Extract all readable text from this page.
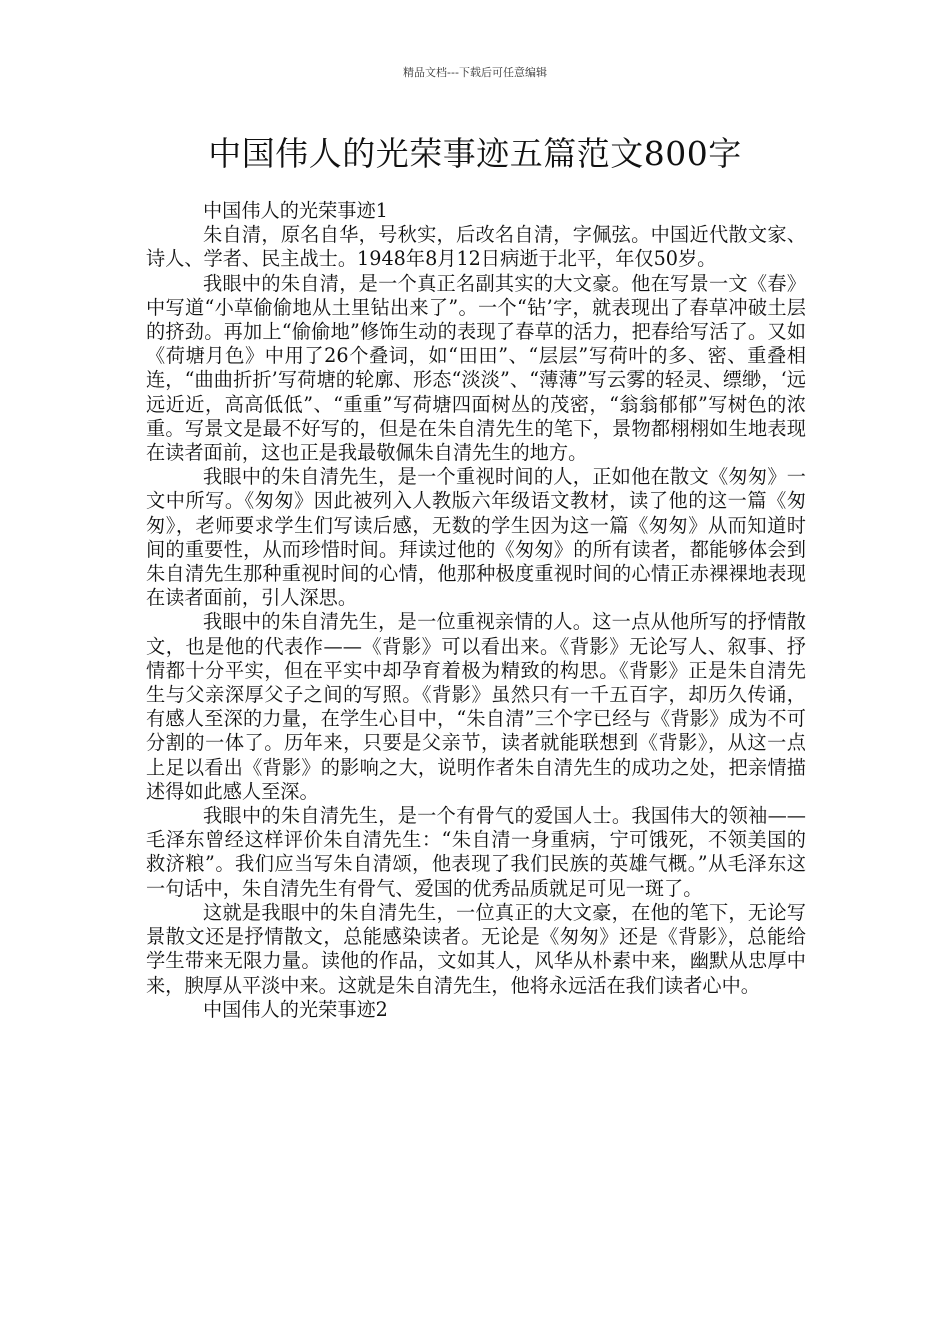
精品文档---下载后可任意编辑
中国伟人的光荣事迹五篇范文800字

中国伟人的光荣事迹1

朱自清，原名自华，号秋实，后改名自清，字佩弦。中国近代散文家、诗人、学者、民主战士。1948年8月12日病逝于北平，年仅50岁。

我眼中的朱自清，是一个真正名副其实的大文豪。他在写景一文《春》中写道“小草偷偷地从土里钻出来了”。一个“钻’字，就表现出了春草冲破土层的挤劲。再加上“偷偷地”修饰生动的表现了春草的活力，把春给写活了。又如《荷塘月色》中用了26个叠词，如“田田”、“层层”写荷叶的多、密、重叠相连，“曲曲折折’写荷塘的轮廓、形态“淡淡”、“薄薄”写云雾的轻灵、缥缈，‘远远近近，高高低低”、“重重”写荷塘四面树丛的茂密，“翁翁郁郁”写树色的浓重。写景文是最不好写的，但是在朱自清先生的笔下，景物都栩栩如生地表现在读者面前，这也正是我最敬佩朱自清先生的地方。

我眼中的朱自清先生，是一个重视时间的人，正如他在散文《匆匆》一文中所写。《匆匆》因此被列入人教版六年级语文教材，读了他的这一篇《匆匆》，老师要求学生们写读后感，无数的学生因为这一篇《匆匆》从而知道时间的重要性，从而珍惜时间。拜读过他的《匆匆》的所有读者，都能够体会到朱自清先生那种重视时间的心情，他那种极度重视时间的心情正赤裸裸地表现在读者面前，引人深思。

我眼中的朱自清先生，是一位重视亲情的人。这一点从他所写的抒情散文，也是他的代表作——《背影》可以看出来。《背影》无论写人、叙事、抒情都十分平实，但在平实中却孕育着极为精致的构思。《背影》正是朱自清先生与父亲深厚父子之间的写照。《背影》虽然只有一千五百字，却历久传诵，有感人至深的力量，在学生心目中，“朱自清”三个字已经与《背影》成为不可分割的一体了。历年来，只要是父亲节，读者就能联想到《背影》，从这一点上足以看出《背影》的影响之大，说明作者朱自清先生的成功之处，把亲情描述得如此感人至深。

我眼中的朱自清先生，是一个有骨气的爱国人士。我国伟大的领袖——毛泽东曾经这样评价朱自清先生：“朱自清一身重病，宁可饿死，不领美国的救济粮”。我们应当写朱自清颂，他表现了我们民族的英雄气概。”从毛泽东这一句话中，朱自清先生有骨气、爱国的优秀品质就足可见一斑了。

这就是我眼中的朱自清先生，一位真正的大文豪，在他的笔下，无论写景散文还是抒情散文，总能感染读者。无论是《匆匆》还是《背影》，总能给学生带来无限力量。读他的作品，文如其人，风华从朴素中来，幽默从忠厚中来，腴厚从平淡中来。这就是朱自清先生，他将永远活在我们读者心中。

中国伟人的光荣事迹2
